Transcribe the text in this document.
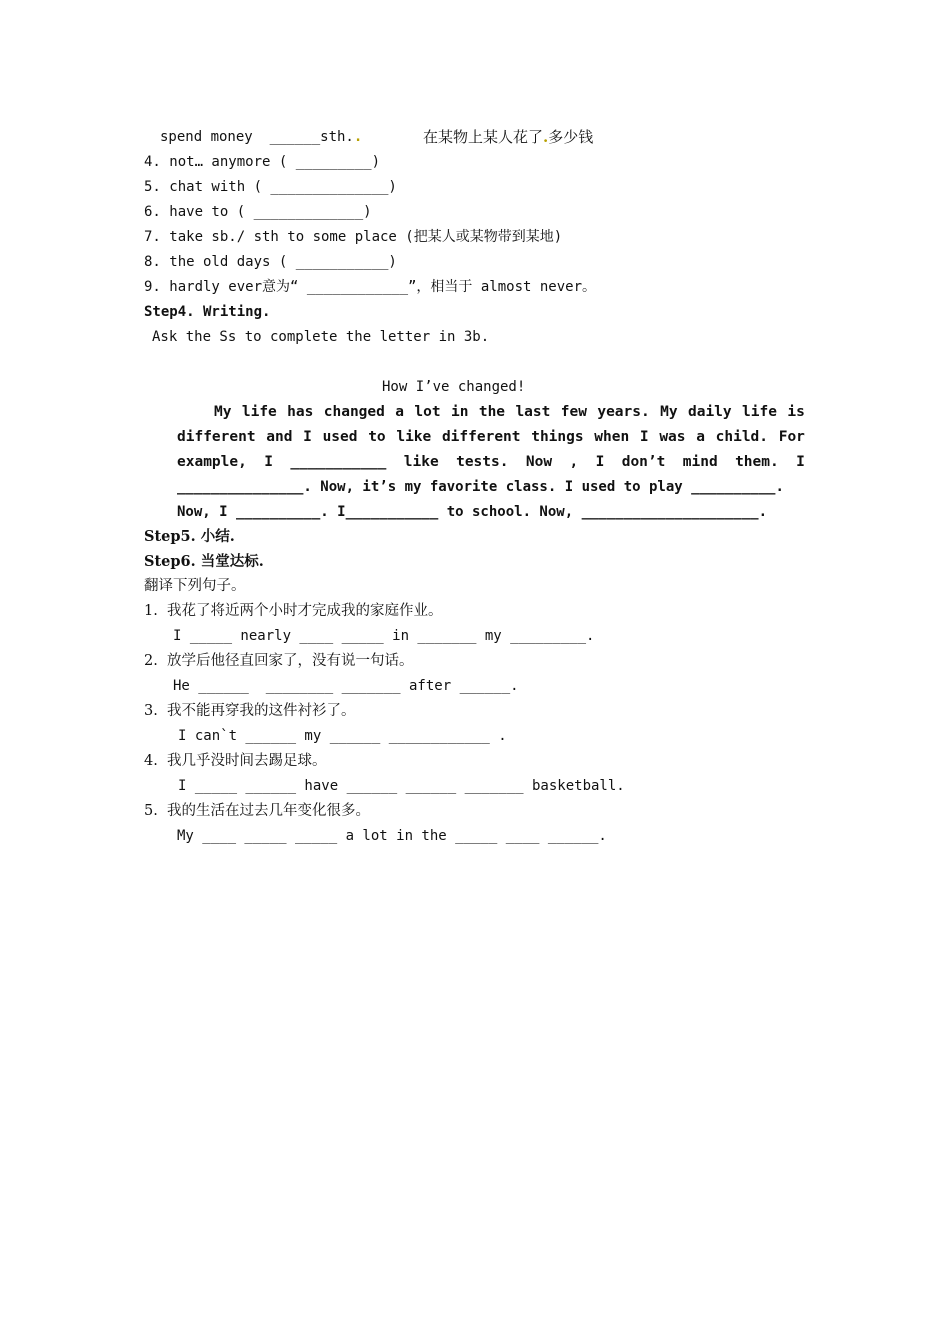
spend money  ______sth..	在某物上某人花了.多少钱
4. not… anymore ( _________)
5. chat with ( ______________)
6. have to ( _____________)
7. take sb./ sth to some place (把某人或某物带到某地)
8. the old days ( ___________)
9. hardly ever意为“ ____________”，相当于 almost never。
Step4. Writing.
Ask the Ss to complete the letter in 3b.
How I’ve changed!
My life has changed a lot in the last few years. My daily life is
different and I used to like different things when I was a child. For
example, I ___________ like tests. Now , I don’t mind them. I
_______________. Now, it’s my favorite class. I used to play __________.
Now, I __________. I___________ to school. Now, _____________________.
Step5. 小结.
Step6. 当堂达标.
翻译下列句子。
1.  我花了将近两个小时才完成我的家庭作业。
I _____ nearly ____ _____ in _______ my _________.
2.  放学后他径直回家了，没有说一句话。
He ______  ________ _______ after ______.
3.  我不能再穿我的这件衬衫了。
I can`t ______ my ______ ____________ .
4.  我几乎没时间去踢足球。
I _____ ______ have ______ ______ _______ basketball.
5.  我的生活在过去几年变化很多。
My ____ _____ _____ a lot in the _____ ____ ______.
